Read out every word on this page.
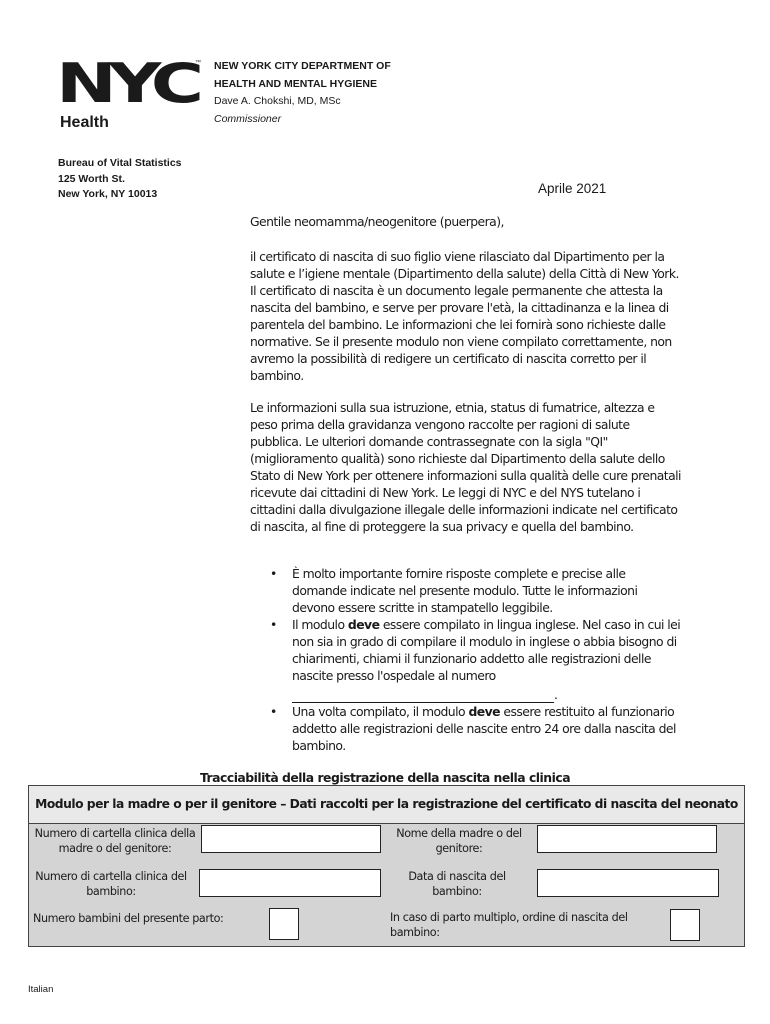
NYC
™
Health
NEW YORK CITY DEPARTMENT OF
HEALTH AND MENTAL HYGIENE
Dave A. Chokshi, MD, MSc
Commissioner
Bureau of Vital Statistics
125 Worth St.
New York, NY 10013	Aprile 2021
Gentile neomamma/neogenitore (puerpera),
il certificato di nascita di suo figlio viene rilasciato dal Dipartimento per la salute e l’igiene mentale (Dipartimento della salute) della Città di New York. Il certificato di nascita è un documento legale permanente che attesta la nascita del bambino, e serve per provare l'età, la cittadinanza e la linea di parentela del bambino. Le informazioni che lei fornirà sono richieste dalle normative. Se il presente modulo non viene compilato correttamente, non avremo la possibilità di redigere un certificato di nascita corretto per il bambino.
Le informazioni sulla sua istruzione, etnia, status di fumatrice, altezza e peso prima della gravidanza vengono raccolte per ragioni di salute pubblica. Le ulteriori domande contrassegnate con la sigla "QI" (miglioramento qualità) sono richieste dal Dipartimento della salute dello Stato di New York per ottenere informazioni sulla qualità delle cure prenatali ricevute dai cittadini di New York. Le leggi di NYC e del NYS tutelano i cittadini dalla divulgazione illegale delle informazioni indicate nel certificato di nascita, al fine di proteggere la sua privacy e quella del bambino.
• È molto importante fornire risposte complete e precise alle domande indicate nel presente modulo. Tutte le informazioni devono essere scritte in stampatello leggibile.
• Il modulo deve essere compilato in lingua inglese. Nel caso in cui lei non sia in grado di compilare il modulo in inglese o abbia bisogno di chiarimenti, chiami il funzionario addetto alle registrazioni delle nascite presso l'ospedale al numero
.
• Una volta compilato, il modulo deve essere restituito al funzionario addetto alle registrazioni delle nascite entro 24 ore dalla nascita del bambino.
Tracciabilità della registrazione della nascita nella clinica
Modulo per la madre o per il genitore – Dati raccolti per la registrazione del certificato di nascita del neonato
Numero di cartella clinica della madre o del genitore:
Nome della madre o del genitore:
Numero di cartella clinica del bambino:
Data di nascita del bambino:
Numero bambini del presente parto:	In caso di parto multiplo, ordine di nascita del bambino:
Italian
